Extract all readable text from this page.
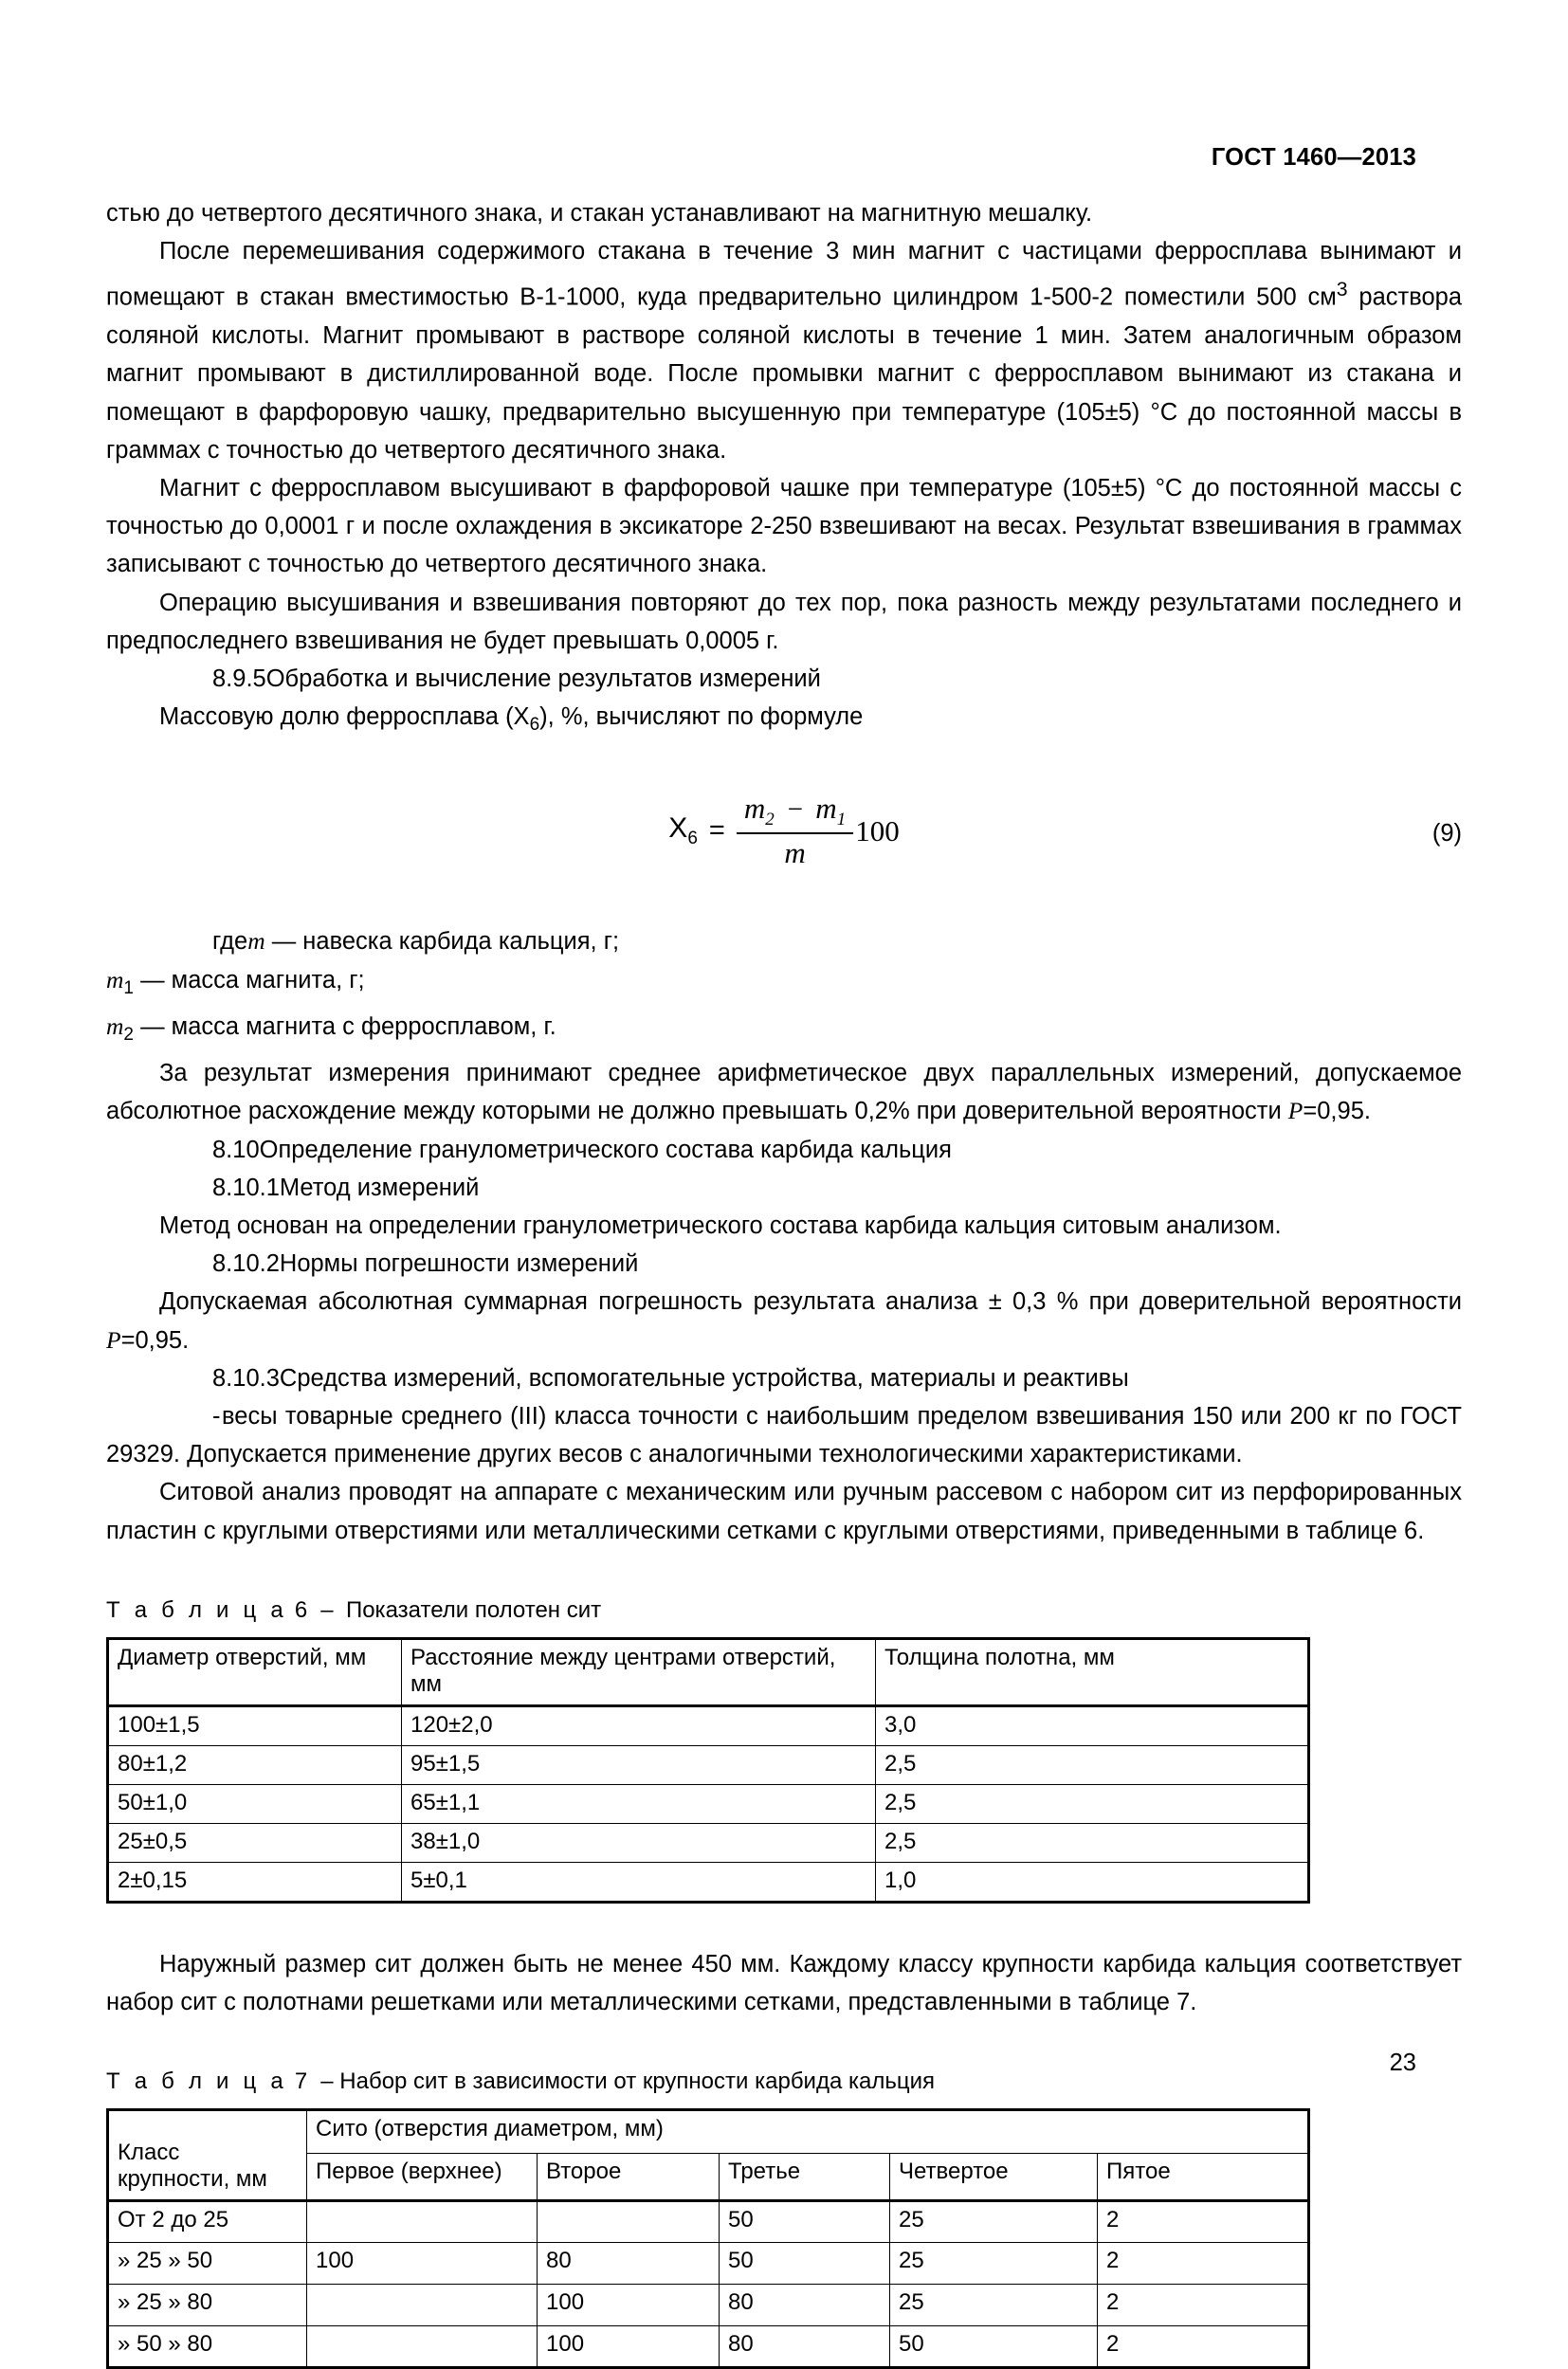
ГОСТ 1460—2013

стью до четвертого десятичного знака, и стакан устанавливают на магнитную мешалку.

После перемешивания содержимого стакана в течение 3 мин магнит с частицами ферросплава вынимают и помещают в стакан вместимостью В-1-1000, куда предварительно цилиндром 1-500-2 поместили 500 $см^3$ раствора соляной кислоты. Магнит промывают в растворе соляной кислоты в течение 1 мин. Затем аналогичным образом магнит промывают в дистиллированной воде. После промывки магнит с ферросплавом вынимают из стакана и помещают в фарфоровую чашку, предварительно высушенную при температуре (105±5) °С до постоянной массы в граммах с точностью до четвертого десятичного знака.

Магнит с ферросплавом высушивают в фарфоровой чашке при температуре (105±5) °С до постоянной массы с точностью до 0,0001 г и после охлаждения в эксикаторе 2-250 взвешивают на весах. Результат взвешивания в граммах записывают с точностью до четвертого десятичного знака.

Операцию высушивания и взвешивания повторяют до тех пор, пока разность между результатами последнего и предпоследнего взвешивания не будет превышать 0,0005 г.

8.9.5Обработка и вычисление результатов измерений

Массовую долю ферросплава $(X_6)$, %, вычисляют по формуле

$X_6 = \frac{m_2 - m_1}{m} 100$	(9)

гдеm — навеска карбида кальция, г;

$m_1$ — масса магнита, г;

$m_2$ — масса магнита с ферросплавом, г.

За результат измерения принимают среднее арифметическое двух параллельных измерений, допускаемое абсолютное расхождение между которыми не должно превышать 0,2% при доверительной вероятности Р=0,95.

8.10Определение гранулометрического состава карбида кальция

8.10.1Метод измерений

Метод основан на определении гранулометрического состава карбида кальция ситовым анализом.

8.10.2Нормы погрешности измерений

Допускаемая абсолютная суммарная погрешность результата анализа ± 0,3 % при доверительной вероятности Р=0,95.

8.10.3Средства измерений, вспомогательные устройства, материалы и реактивы

-весы товарные среднего (III) класса точности с наибольшим пределом взвешивания 150 или 200 кг по ГОСТ 29329. Допускается применение других весов с аналогичными технологическими характеристиками.

Ситовой анализ проводят на аппарате с механическим или ручным рассевом с набором сит из перфорированных пластин с круглыми отверстиями или металлическими сетками с круглыми отверстиями, приведенными в таблице 6.

Т а б л и ц а 6 – Показатели полотен сит
Диаметр отверстий, мм	Расстояние между центрами отверстий, мм	Толщина полотна, мм
100±1,5	120±2,0	3,0
80±1,2	95±1,5	2,5
50±1,0	65±1,1	2,5
25±0,5	38±1,0	2,5
2±0,15	5±0,1	1,0

Наружный размер сит должен быть не менее 450 мм. Каждому классу крупности карбида кальция соответствует набор сит с полотнами решетками или металлическими сетками, представленными в таблице 7.

Т а б л и ц а 7 – Набор сит в зависимости от крупности карбида кальция
Класс крупности, мм	Сито (отверстия диаметром, мм)				
	Первое (верхнее)	Второе	Третье	Четвертое	Пятое
От 2 до 25			50	25	2
» 25 » 50	100	80	50	25	2
» 25 » 80		100	80	25	2
» 50 » 80		100	80	50	2
23
